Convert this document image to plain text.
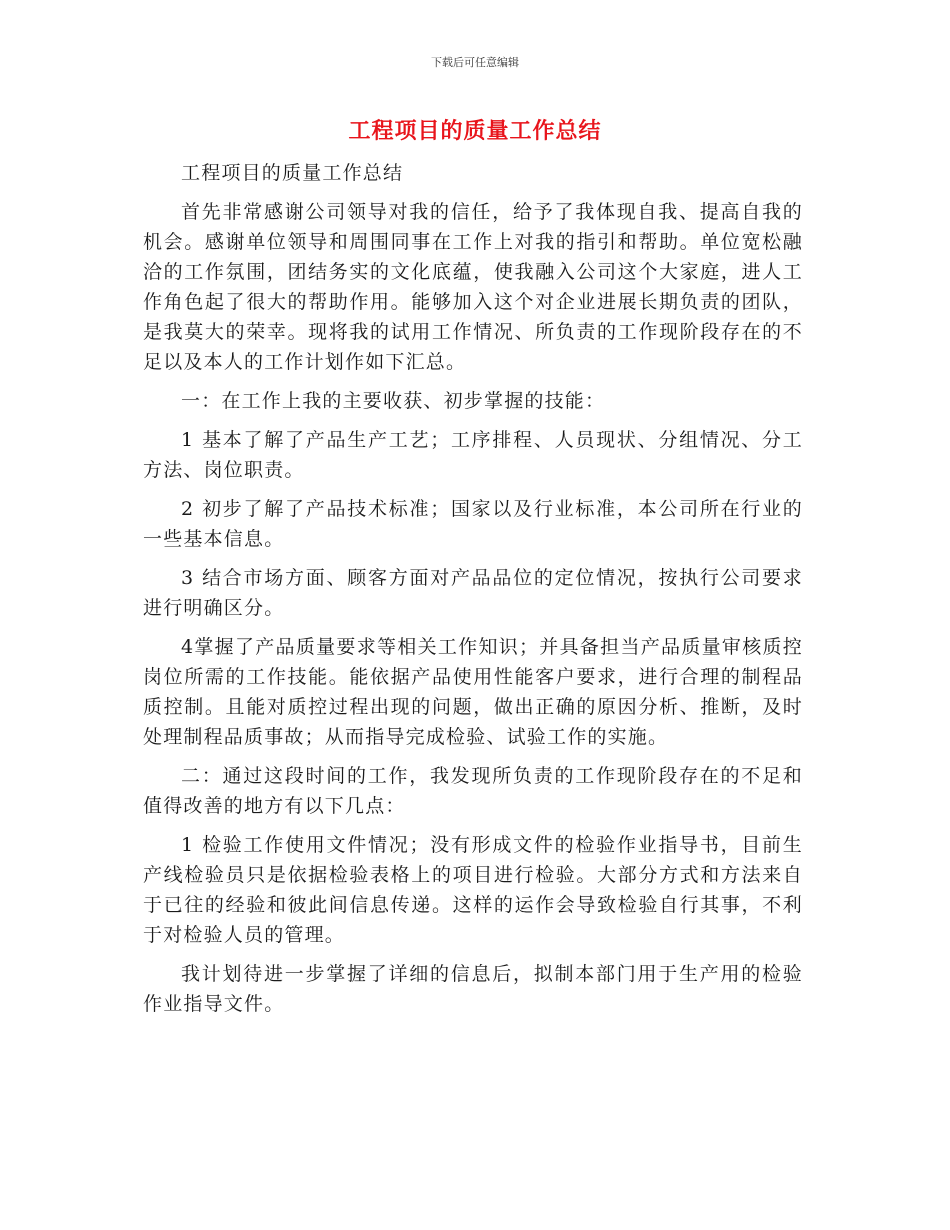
下载后可任意编辑
工程项目的质量工作总结

工程项目的质量工作总结

首先非常感谢公司领导对我的信任，给予了我体现自我、提高自我的机会。感谢单位领导和周围同事在工作上对我的指引和帮助。单位宽松融洽的工作氛围，团结务实的文化底蕴，使我融入公司这个大家庭，进人工作角色起了很大的帮助作用。能够加入这个对企业进展长期负责的团队，是我莫大的荣幸。现将我的试用工作情况、所负责的工作现阶段存在的不足以及本人的工作计划作如下汇总。

一：在工作上我的主要收获、初步掌握的技能：

1 基本了解了产品生产工艺；工序排程、人员现状、分组情况、分工方法、岗位职责。

2 初步了解了产品技术标准；国家以及行业标准，本公司所在行业的一些基本信息。

3 结合市场方面、顾客方面对产品品位的定位情况，按执行公司要求进行明确区分。

4掌握了产品质量要求等相关工作知识；并具备担当产品质量审核质控岗位所需的工作技能。能依据产品使用性能客户要求，进行合理的制程品质控制。且能对质控过程出现的问题，做出正确的原因分析、推断，及时处理制程品质事故；从而指导完成检验、试验工作的实施。

二：通过这段时间的工作，我发现所负责的工作现阶段存在的不足和值得改善的地方有以下几点：

1 检验工作使用文件情况；没有形成文件的检验作业指导书，目前生产线检验员只是依据检验表格上的项目进行检验。大部分方式和方法来自于已往的经验和彼此间信息传递。这样的运作会导致检验自行其事，不利于对检验人员的管理。

我计划待进一步掌握了详细的信息后，拟制本部门用于生产用的检验作业指导文件。
